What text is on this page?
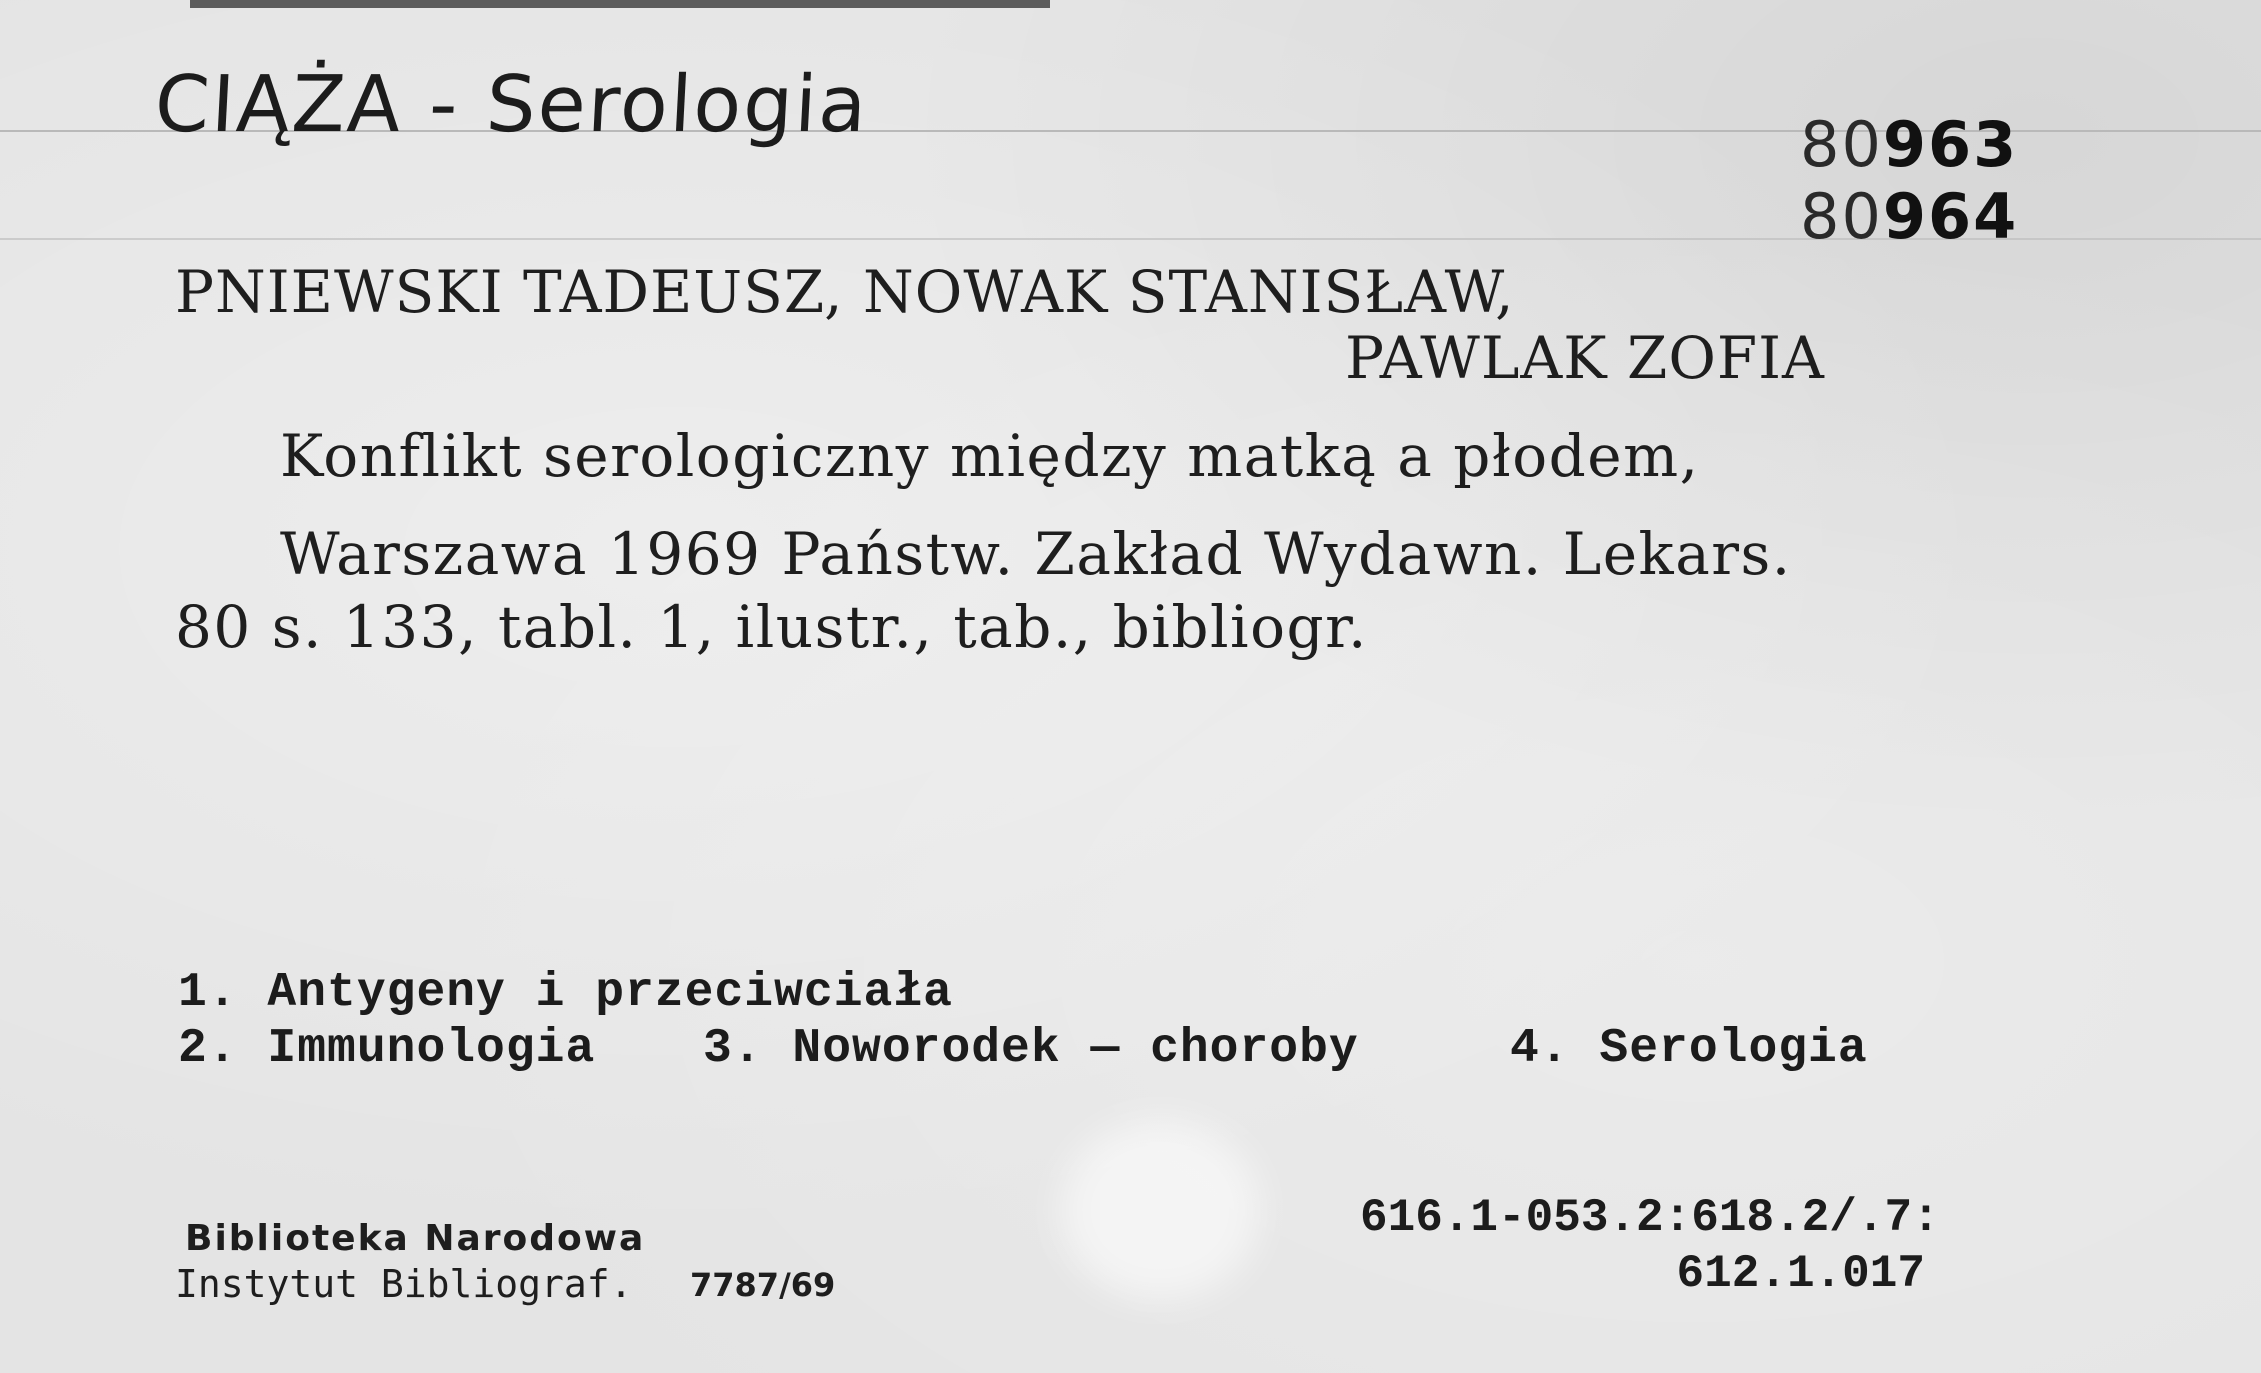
CIĄŻA - Serologia	80963
80964
PNIEWSKI TADEUSZ, NOWAK STANISŁAW,
PAWLAK ZOFIA
Konflikt serologiczny między matką a płodem,
Warszawa 1969 Państw. Zakład Wydawn. Lekars.
80 s. 133, tabl. 1, ilustr., tab., bibliogr.
1. Antygeny i przeciwciała
2. Immunologia 3. Noworodek — choroby	4. Serologia
Biblioteka Narodowa
Instytut Bibliograf. 7787/69
616.1-053.2:618.2/.7:
612.1.017
